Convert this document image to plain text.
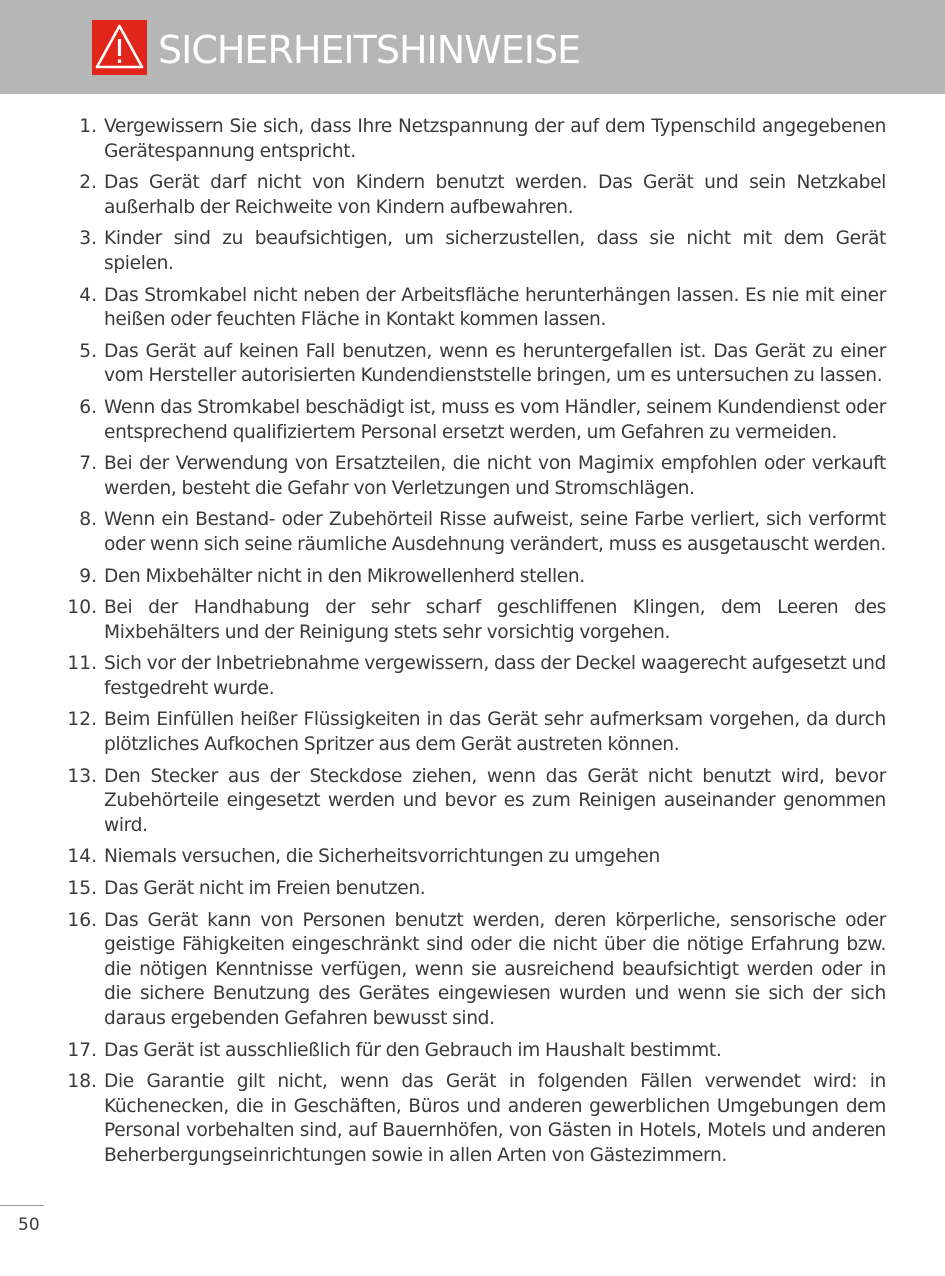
SICHERHEITSHINWEISE
1. Vergewissern Sie sich, dass Ihre Netzspannung der auf dem Typenschild angegebenen Gerätespannung entspricht.
2. Das Gerät darf nicht von Kindern benutzt werden. Das Gerät und sein Netzkabel außerhalb der Reichweite von Kindern aufbewahren.
3. Kinder sind zu beaufsichtigen, um sicherzustellen, dass sie nicht mit dem Gerät spielen.
4. Das Stromkabel nicht neben der Arbeitsfläche herunterhängen lassen. Es nie mit einer heißen oder feuchten Fläche in Kontakt kommen lassen.
5. Das Gerät auf keinen Fall benutzen, wenn es heruntergefallen ist. Das Gerät zu einer vom Hersteller autorisierten Kundendienststelle bringen, um es untersuchen zu lassen.
6. Wenn das Stromkabel beschädigt ist, muss es vom Händler, seinem Kundendienst oder entsprechend qualifiziertem Personal ersetzt werden, um Gefahren zu vermeiden.
7. Bei der Verwendung von Ersatzteilen, die nicht von Magimix empfohlen oder verkauft werden, besteht die Gefahr von Verletzungen und Stromschlägen.
8. Wenn ein Bestand- oder Zubehörteil Risse aufweist, seine Farbe verliert, sich verformt oder wenn sich seine räumliche Ausdehnung verändert, muss es ausgetauscht werden.
9. Den Mixbehälter nicht in den Mikrowellenherd stellen.
10. Bei der Handhabung der sehr scharf geschliffenen Klingen, dem Leeren des Mixbehälters und der Reinigung stets sehr vorsichtig vorgehen.
11. Sich vor der Inbetriebnahme vergewissern, dass der Deckel waagerecht aufgesetzt und festgedreht wurde.
12. Beim Einfüllen heißer Flüssigkeiten in das Gerät sehr aufmerksam vorgehen, da durch plötzliches Aufkochen Spritzer aus dem Gerät austreten können.
13. Den Stecker aus der Steckdose ziehen, wenn das Gerät nicht benutzt wird, bevor Zubehörteile eingesetzt werden und bevor es zum Reinigen auseinander genommen wird.
14. Niemals versuchen, die Sicherheitsvorrichtungen zu umgehen
15. Das Gerät nicht im Freien benutzen.
16. Das Gerät kann von Personen benutzt werden, deren körperliche, sensorische oder geistige Fähigkeiten eingeschränkt sind oder die nicht über die nötige Erfahrung bzw. die nötigen Kenntnisse verfügen, wenn sie ausreichend beaufsichtigt werden oder in die sichere Benutzung des Gerätes eingewiesen wurden und wenn sie sich der sich daraus ergebenden Gefahren bewusst sind.
17. Das Gerät ist ausschließlich für den Gebrauch im Haushalt bestimmt.
18. Die Garantie gilt nicht, wenn das Gerät in folgenden Fällen verwendet wird: in Küchenecken, die in Geschäften, Büros und anderen gewerblichen Umgebungen dem Personal vorbehalten sind, auf Bauernhöfen, von Gästen in Hotels, Motels und anderen Beherbergungseinrichtungen sowie in allen Arten von Gästezimmern.
50
